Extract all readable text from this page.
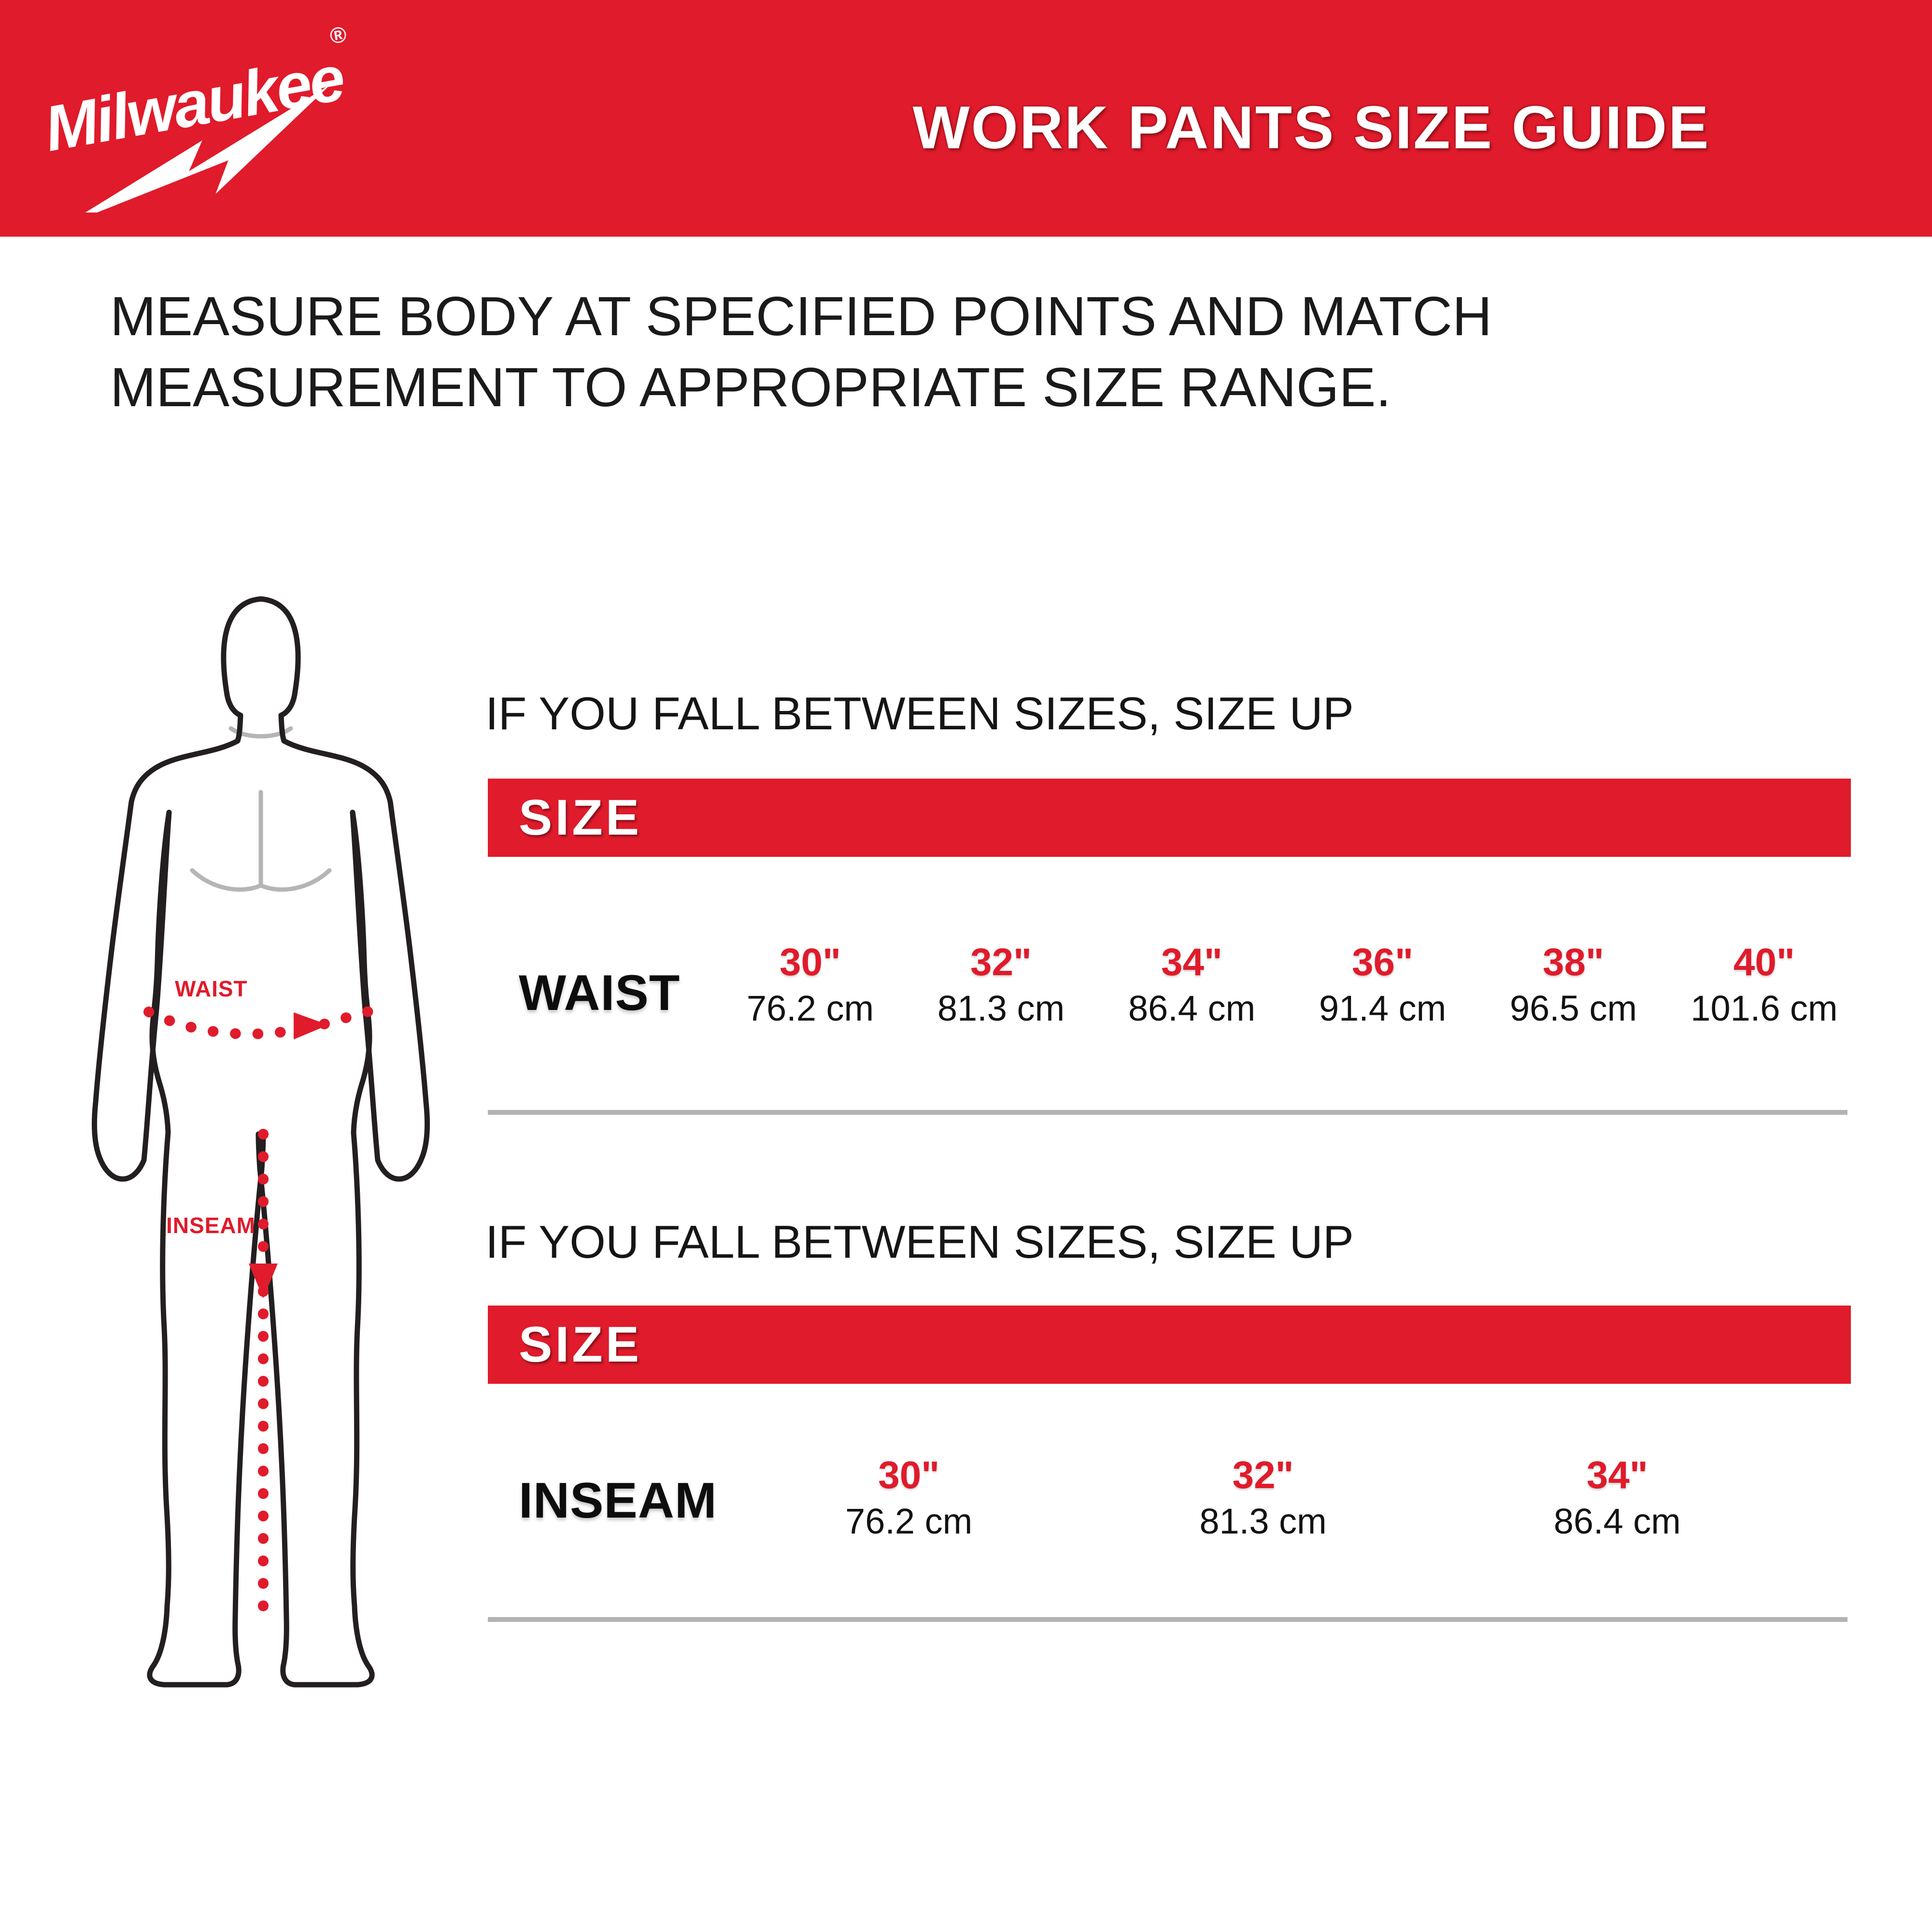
Milwaukee
®
WORK PANTS SIZE GUIDE
MEASURE BODY AT SPECIFIED POINTS AND MATCH
MEASUREMENT TO APPROPRIATE SIZE RANGE.
WAIST
INSEAM
IF YOU FALL BETWEEN SIZES, SIZE UP
SIZE
WAIST
30"
76.2 cm
32"
81.3 cm
34"
86.4 cm
36"
91.4 cm
38"
96.5 cm
40"
101.6 cm
IF YOU FALL BETWEEN SIZES, SIZE UP
SIZE
INSEAM	30"
76.2 cm
32"
81.3 cm
34"
86.4 cm
